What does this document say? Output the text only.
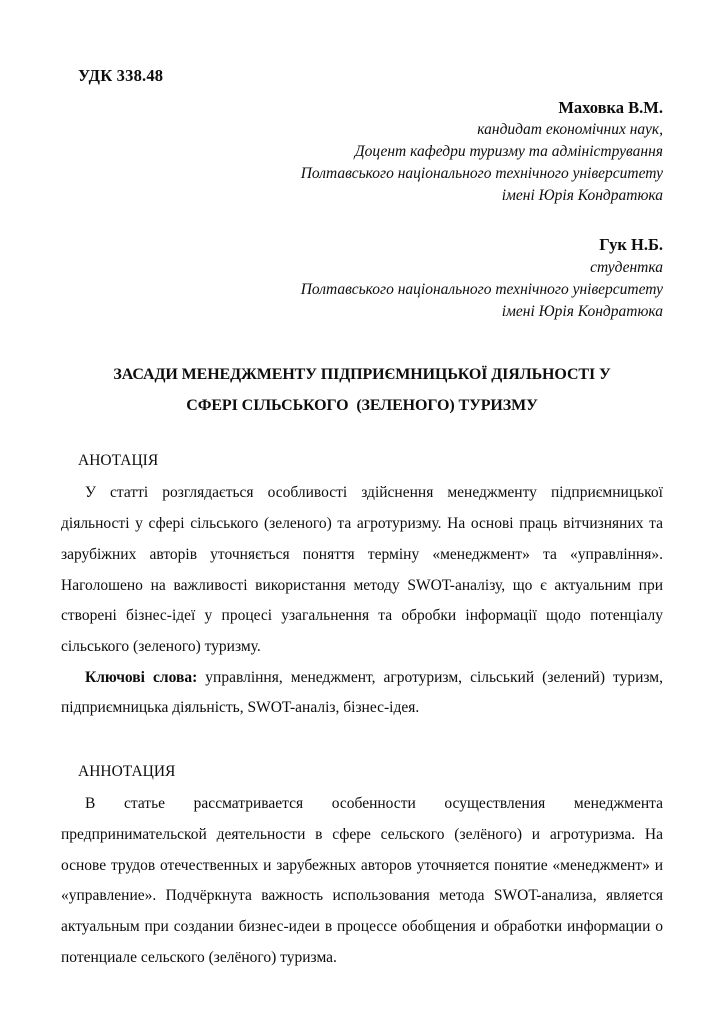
УДК 338.48
Маховка В.М.
кандидат економічних наук,
Доцент кафедри туризму та адміністрування
Полтавського національного технічного університету
імені Юрія Кондратюка
Гук Н.Б.
студентка
Полтавського національного технічного університету
імені Юрія Кондратюка
ЗАСАДИ МЕНЕДЖМЕНТУ ПІДПРИЄМНИЦЬКОЇ ДІЯЛЬНОСТІ У
СФЕРІ СІЛЬСЬКОГО  (ЗЕЛЕНОГО) ТУРИЗМУ
АНОТАЦІЯ

У статті розглядається особливості здійснення менеджменту підприємницької діяльності у сфері сільського (зеленого) та агротуризму. На основі праць вітчизняних та зарубіжних авторів уточняється поняття терміну «менеджмент» та «управління». Наголошено на важливості використання методу SWOT-аналізу, що є актуальним при створені бізнес-ідеї у процесі узагальнення та обробки інформації щодо потенціалу сільського (зеленого) туризму.

Ключові слова: управління, менеджмент, агротуризм, сільський (зелений) туризм, підприємницька діяльність, SWOT-аналіз, бізнес-ідея.

АННОТАЦИЯ

В статье рассматривается особенности осуществления менеджмента предпринимательской деятельности в сфере сельского (зелёного) и агротуризма. На основе трудов отечественных и зарубежных авторов уточняется понятие «менеджмент» и «управление». Подчёркнута важность использования метода SWOT-анализа, является актуальным при создании бизнес-идеи в процессе обобщения и обработки информации о потенциале сельского (зелёного) туризма.
